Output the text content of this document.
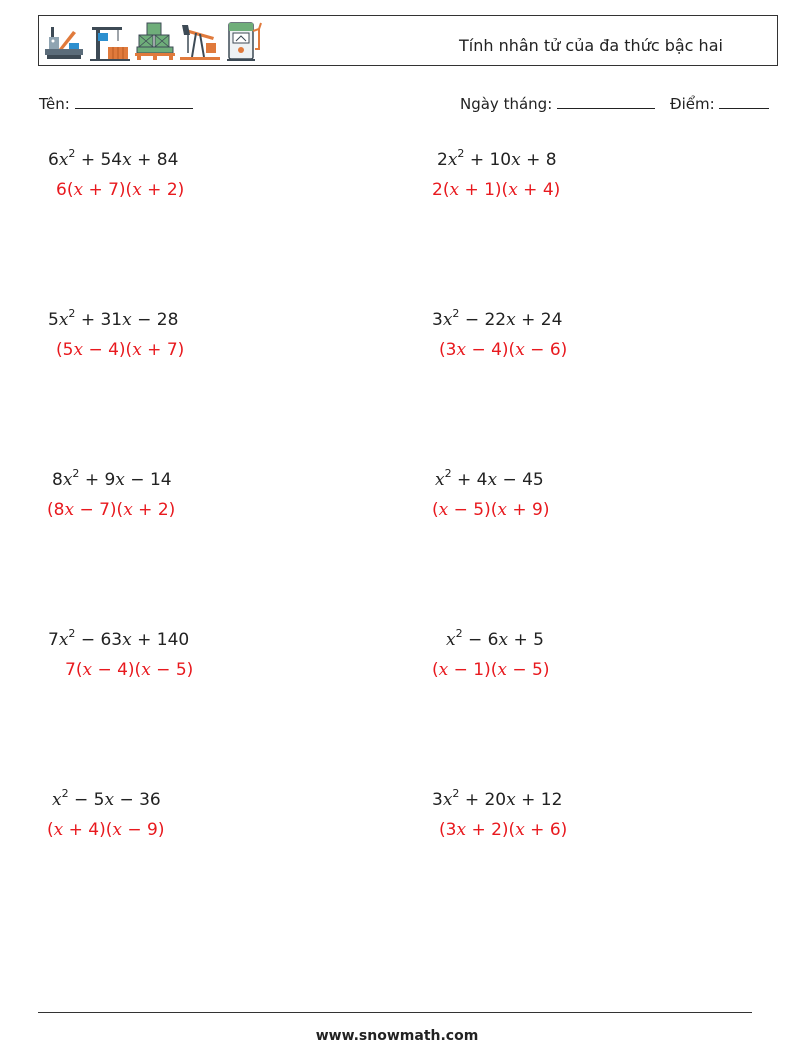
Tính nhân tử của đa thức bậc hai
Tên:	Ngày tháng:	Điểm:
$6x^2 + 54x + 84$
6(x + 7)(x + 2)
$2x^2 + 10x + 8$
2(x + 1)(x + 4)
$5x^2 + 31x - 28$
(5x − 4)(x + 7)
$3x^2 - 22x + 24$
(3x − 4)(x − 6)
$8x^2 + 9x - 14$
(8x − 7)(x + 2)
$x^2 + 4x - 45$
(x − 5)(x + 9)
$7x^2 - 63x + 140$
7(x − 4)(x − 5)
$x^2 - 6x + 5$
(x − 1)(x − 5)
$x^2 - 5x - 36$
(x + 4)(x − 9)
$3x^2 + 20x + 12$
(3x + 2)(x + 6)
www.snowmath.com
